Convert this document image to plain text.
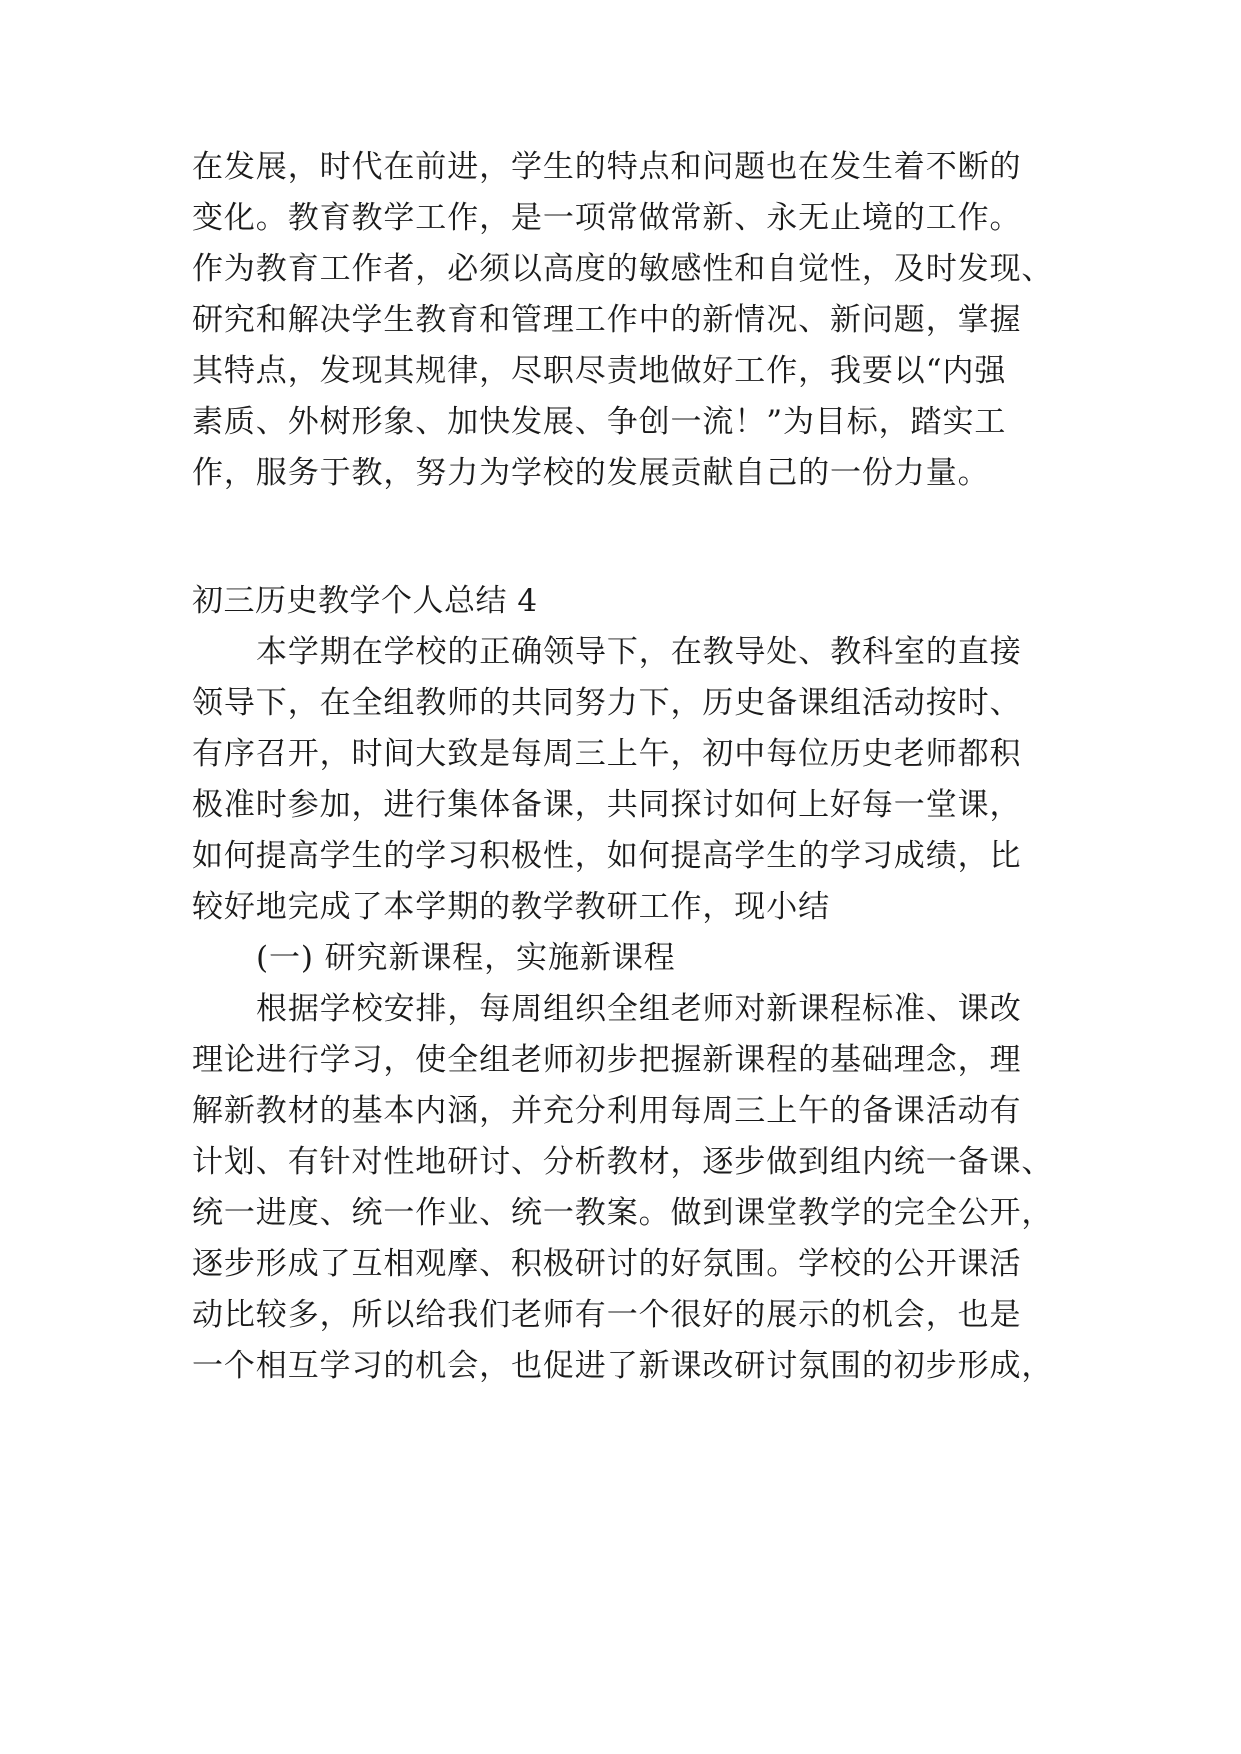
在发展，时代在前进，学生的特点和问题也在发生着不断的
变化。教育教学工作，是一项常做常新、永无止境的工作。
作为教育工作者，必须以高度的敏感性和自觉性，及时发现、
研究和解决学生教育和管理工作中的新情况、新问题，掌握
其特点，发现其规律，尽职尽责地做好工作，我要以“内强
素质、外树形象、加快发展、争创一流！”为目标，踏实工
作，服务于教，努力为学校的发展贡献自己的一份力量。
初三历史教学个人总结 4
本学期在学校的正确领导下，在教导处、教科室的直接
领导下，在全组教师的共同努力下，历史备课组活动按时、
有序召开，时间大致是每周三上午，初中每位历史老师都积
极准时参加，进行集体备课，共同探讨如何上好每一堂课，
如何提高学生的学习积极性，如何提高学生的学习成绩，比
较好地完成了本学期的教学教研工作，现小结
(一) 研究新课程，实施新课程
根据学校安排，每周组织全组老师对新课程标准、课改
理论进行学习，使全组老师初步把握新课程的基础理念，理
解新教材的基本内涵，并充分利用每周三上午的备课活动有
计划、有针对性地研讨、分析教材，逐步做到组内统一备课、
统一进度、统一作业、统一教案。做到课堂教学的完全公开，
逐步形成了互相观摩、积极研讨的好氛围。学校的公开课活
动比较多，所以给我们老师有一个很好的展示的机会，也是
一个相互学习的机会，也促进了新课改研讨氛围的初步形成，
